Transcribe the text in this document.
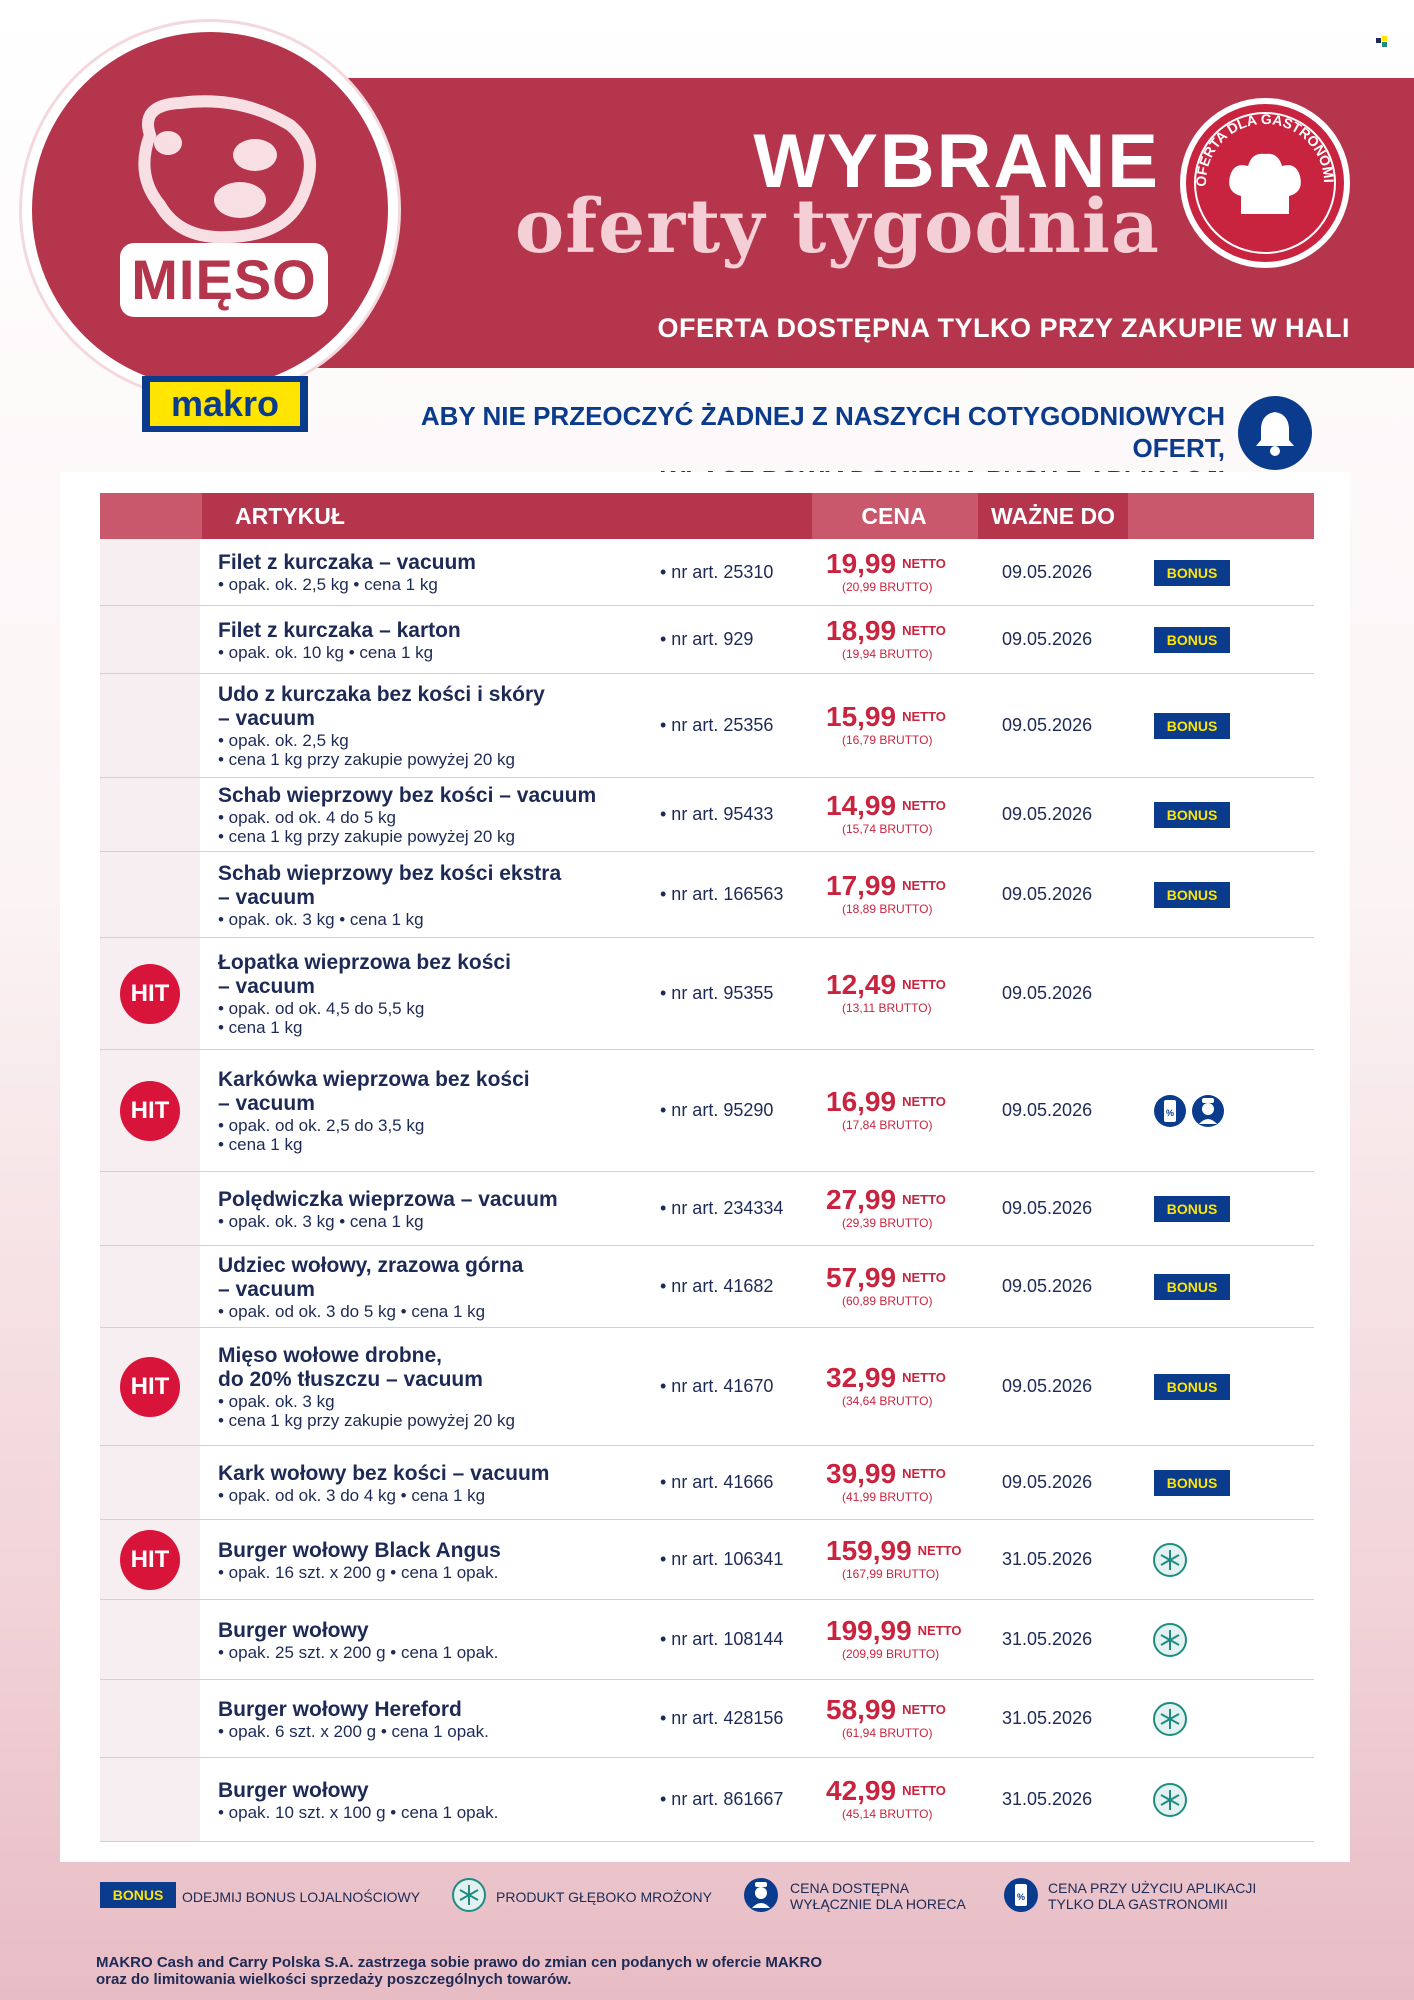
MIĘSO
makro
WYBRANE
oferty tygodnia
OFERTA DOSTĘPNA TYLKO PRZY ZAKUPIE W HALI
OFERTA DLA GASTRONOMI
ABY NIE PRZEOCZYĆ ŻADNEJ Z NASZYCH COTYGODNIOWYCH OFERT,
ARTYKUŁ	CENA	WAŻNE DO
Filet z kurczaka – vacuum
• opak. ok. 2,5 kg • cena 1 kg
• nr art. 25310	19,99 NETTO
(20,99 BRUTTO)
09.05.2026	BONUS
Filet z kurczaka – karton
• opak. ok. 10 kg • cena 1 kg
• nr art. 929	18,99 NETTO
(19,94 BRUTTO)
09.05.2026	BONUS
Udo z kurczaka bez kości i skóry
– vacuum
• opak. ok. 2,5 kg
• cena 1 kg przy zakupie powyżej 20 kg
• nr art. 25356	15,99 NETTO
(16,79 BRUTTO)
09.05.2026	BONUS
Schab wieprzowy bez kości – vacuum
• opak. od ok. 4 do 5 kg
• cena 1 kg przy zakupie powyżej 20 kg
• nr art. 95433	14,99 NETTO
(15,74 BRUTTO)
09.05.2026	BONUS
Schab wieprzowy bez kości ekstra
– vacuum
• opak. ok. 3 kg • cena 1 kg
• nr art. 166563	17,99 NETTO
(18,89 BRUTTO)
09.05.2026	BONUS
HIT
Łopatka wieprzowa bez kości
– vacuum
• opak. od ok. 4,5 do 5,5 kg
• cena 1 kg
• nr art. 95355	12,49 NETTO
(13,11 BRUTTO)
09.05.2026
HIT
Karkówka wieprzowa bez kości
– vacuum
• opak. od ok. 2,5 do 3,5 kg
• cena 1 kg
• nr art. 95290	16,99 NETTO
(17,84 BRUTTO)
09.05.2026	%
Polędwiczka wieprzowa – vacuum
• opak. ok. 3 kg • cena 1 kg
• nr art. 234334	27,99 NETTO
(29,39 BRUTTO)
09.05.2026	BONUS
Udziec wołowy, zrazowa górna
– vacuum
• opak. od ok. 3 do 5 kg • cena 1 kg
• nr art. 41682	57,99 NETTO
(60,89 BRUTTO)
09.05.2026	BONUS
HIT
Mięso wołowe drobne,
do 20% tłuszczu – vacuum
• opak. ok. 3 kg
• cena 1 kg przy zakupie powyżej 20 kg
• nr art. 41670	32,99 NETTO
(34,64 BRUTTO)
09.05.2026	BONUS
Kark wołowy bez kości – vacuum
• opak. od ok. 3 do 4 kg • cena 1 kg
• nr art. 41666	39,99 NETTO
(41,99 BRUTTO)
09.05.2026	BONUS
HIT	Burger wołowy Black Angus
• opak. 16 szt. x 200 g • cena 1 opak.
• nr art. 106341	159,99 NETTO
(167,99 BRUTTO)
31.05.2026
Burger wołowy
• opak. 25 szt. x 200 g • cena 1 opak.
• nr art. 108144	199,99 NETTO
(209,99 BRUTTO)
31.05.2026
Burger wołowy Hereford
• opak. 6 szt. x 200 g • cena 1 opak.
• nr art. 428156	58,99 NETTO
(61,94 BRUTTO)
31.05.2026
Burger wołowy
• opak. 10 szt. x 100 g • cena 1 opak.
• nr art. 861667	42,99 NETTO
(45,14 BRUTTO)
31.05.2026
BONUS	ODEJMIJ BONUS LOJALNOŚCIOWY	PRODUKT GŁĘBOKO MROŻONY
CENA DOSTĘPNA
WYŁĄCZNIE DLA HORECA	%
CENA PRZY UŻYCIU APLIKACJI
TYLKO DLA GASTRONOMII
MAKRO Cash and Carry Polska S.A. zastrzega sobie prawo do zmian cen podanych w ofercie MAKRO
oraz do limitowania wielkości sprzedaży poszczególnych towarów.
